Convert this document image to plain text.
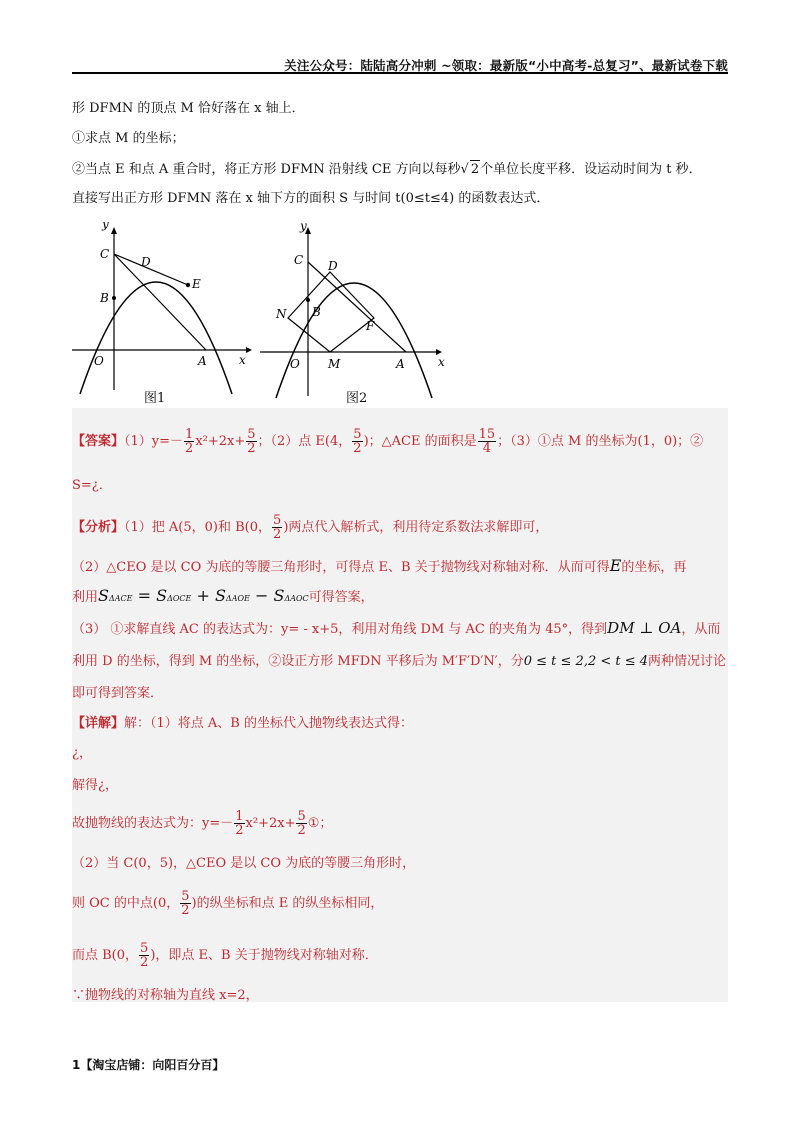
关注公众号：陆陆高分冲刺 ~领取：最新版“小中高考-总复习”、最新试卷下载
形 DFMN 的顶点 M 恰好落在 x 轴上．
①求点 M 的坐标；
②当点 E 和点 A 重合时，将正方形 DFMN 沿射线 CE 方向以每秒√ 2个单位长度平移．设运动时间为 t 秒．
直接写出正方形 DFMN 落在 x 轴下方的面积 S 与时间 t(0≤t≤4) 的函数表达式．
y
x
C
D
E
B
O	A
y
x
C D
N B
F
O M	A
图1	图2
【答案】$(1)y=- \frac{1}{2} x^2+2x+ \frac{5}{2}$ ；（2）点 E(4， $\frac{5}{2}$ )；△ACE 的面积是 $\frac{15}{4}$ ；（3）①点 M 的坐标为(1，0)；②
S=¿．
【分析】（1）把 A(5，0)和 B(0， $\frac{5}{2}$ )两点代入解析式，利用待定系数法求解即可，
（2）△CEO 是以 CO 为底的等腰三角形时，可得点 E、B 关于抛物线对称轴对称．从而可得E的坐标，再
利用SΔACE = SΔOCE + SΔAOE − SΔAOC可得答案，
（3） ①求解直线 AC 的表达式为：y= - x+5，利用对角线 DM 与 AC 的夹角为 45°，得到DM ⊥ OA，从而
利用 D 的坐标，得到 M 的坐标，②设正方形 MFDN 平移后为 M′F′D′N′，分0 ≤ t ≤ 2,2 < t ≤ 4两种情况讨论
即可得到答案．
【详解】解：（1）将点 A、B 的坐标代入抛物线表达式得：
¿，
解得¿，
故抛物线的表达式为：$y=- \frac{1}{2} x^2+2x+ \frac{5}{2}$ ①；
（2）当 C(0，5)，△CEO 是以 CO 为底的等腰三角形时，
则 OC 的中点(0， $\frac{5}{2}$ )的纵坐标和点 E 的纵坐标相同，
而点 B(0， $\frac{5}{2}$ )，即点 E、B 关于抛物线对称轴对称．
∵抛物线的对称轴为直线 x=2，
1【淘宝店铺：向阳百分百】
